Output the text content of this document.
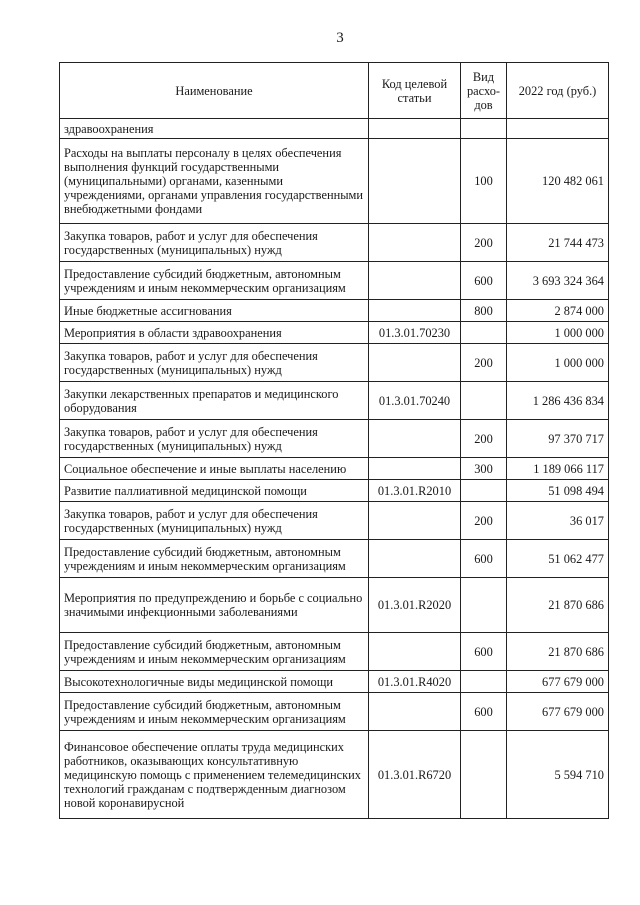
3
Наименование	Код целевой статьи	Вид расхо-дов	2022 год (руб.)
здравоохранения			
Расходы на выплаты персоналу в целях обеспечения выполнения функций государственными (муниципальными) органами, казенными учреждениями, органами управления государственными внебюджетными фондами		100	120 482 061
Закупка товаров, работ и услуг для обеспечения государственных (муниципальных) нужд		200	21 744 473
Предоставление субсидий бюджетным, автономным учреждениям и иным некоммерческим организациям		600	3 693 324 364
Иные бюджетные ассигнования		800	2 874 000
Мероприятия в области здравоохранения	01.3.01.70230		1 000 000
Закупка товаров, работ и услуг для обеспечения государственных (муниципальных) нужд		200	1 000 000
Закупки лекарственных препаратов и медицинского оборудования	01.3.01.70240		1 286 436 834
Закупка товаров, работ и услуг для обеспечения государственных (муниципальных) нужд		200	97 370 717
Социальное обеспечение и иные выплаты населению		300	1 189 066 117
Развитие паллиативной медицинской помощи	01.3.01.R2010		51 098 494
Закупка товаров, работ и услуг для обеспечения государственных (муниципальных) нужд		200	36 017
Предоставление субсидий бюджетным, автономным учреждениям и иным некоммерческим организациям		600	51 062 477
Мероприятия по предупреждению и борьбе с социально значимыми инфекционными заболеваниями	01.3.01.R2020		21 870 686
Предоставление субсидий бюджетным, автономным учреждениям и иным некоммерческим организациям		600	21 870 686
Высокотехнологичные виды медицинской помощи	01.3.01.R4020		677 679 000
Предоставление субсидий бюджетным, автономным учреждениям и иным некоммерческим организациям		600	677 679 000
Финансовое обеспечение оплаты труда медицинских работников, оказывающих консультативную медицинскую помощь с применением телемедицинских технологий гражданам с подтвержденным диагнозом новой коронавирусной	01.3.01.R6720		5 594 710
